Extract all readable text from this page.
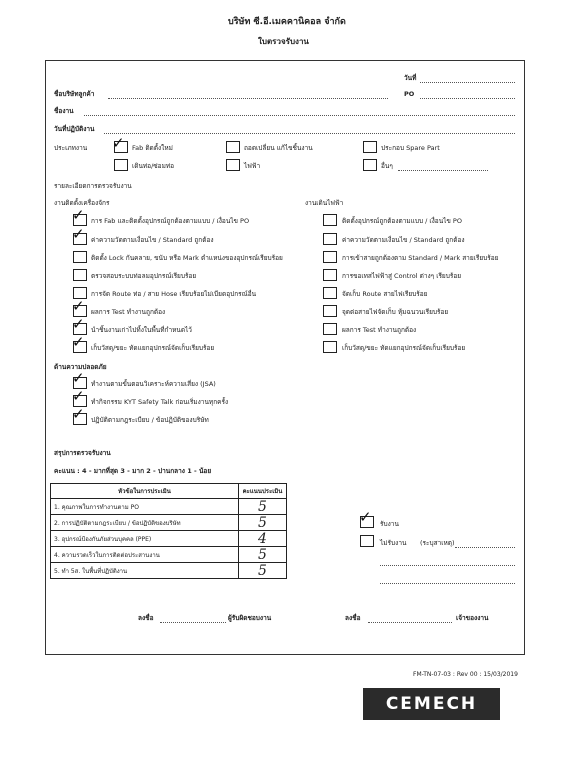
บริษัท ซี.อี.เมคคานิคอล จำกัด
ใบตรวจรับงาน
วันที่
ชื่อบริษัทลูกค้า	PO
ชื่องาน
วันที่ปฏิบัติงาน
ประเภทงาน ✓ Fab ติดตั้งใหม่	ถอดเปลี่ยน แก้ไขชิ้นงาน	ประกอบ Spare Part
เดินท่อ/ซ่อมท่อ	ไฟฟ้า	อื่นๆ
รายละเอียดการตรวจรับงาน
งานติดตั้งเครื่องจักร
✓ การ Fab และติดตั้งอุปกรณ์ถูกต้องตามแบบ / เงื่อนไข PO
✓ ค่าความวัดตามเงื่อนไข / Standard ถูกต้อง
ติดตั้ง Lock กันคลาย, ขนับ หรือ Mark ตำแหน่งของอุปกรณ์เรียบร้อย
ตรวจสอบระบบท่อลมอุปกรณ์เรียบร้อย
การจัด Route ท่อ / สาย Hose เรียบร้อยไม่เบียดอุปกรณ์อื่น
✓ ผลการ Test ทำงานถูกต้อง
✓ นำชิ้นงานเก่าไปทิ้งในพื้นที่กำหนดไว้
✓ เก็บวัสดุ/ขยะ ทัดแยกอุปกรณ์จัดเก็บเรียบร้อย
งานเดินไฟฟ้า
ติดตั้งอุปกรณ์ถูกต้องตามแบบ / เงื่อนไข PO
ค่าความวัดตามเงื่อนไข / Standard ถูกต้อง
การเข้าสายถูกต้องตาม Standard / Mark สายเรียบร้อย
การขอเทสไฟฟ้าสู่ Control ต่างๆ เรียบร้อย
จัดเก็บ Route สายไฟเรียบร้อย
จุดต่อสายไฟจัดเก็บ หุ้มฉนวนเรียบร้อย
ผลการ Test ทำงานถูกต้อง
เก็บวัสดุ/ขยะ ทัดแยกอุปกรณ์จัดเก็บเรียบร้อย
ด้านความปลอดภัย
✓ ทำงานตามขั้นตอนวิเคราะห์ความเสี่ยง (JSA)
✓ ทำกิจกรรม KYT Safety Talk ก่อนเริ่มงานทุกครั้ง
✓ ปฏิบัติตามกฎระเบียบ / ข้อปฏิบัติของบริษัท
สรุปการตรวจรับงาน
คะแนน : 4 - มากที่สุด 3 - มาก 2 - ปานกลาง 1 - น้อย
หัวข้อในการประเมิน	คะแนนประเมิน
1. คุณภาพในการทำงานตาม PO	5
2. การปฏิบัติตามกฎระเบียบ / ข้อปฏิบัติของบริษัท	5
3. อุปกรณ์ป้องกันภัยส่วนบุคคล (PPE)	4
4. ความรวดเร็วในการติดต่อประสานงาน	5
5. ทำ 5ส. ในพื้นที่ปฏิบัติงาน	5
✓ รับงาน
ไม่รับงาน (ระบุสาเหตุ)
ลงชื่อ	ผู้รับผิดชอบงาน	ลงชื่อ	เจ้าของงาน
FM-TN-07-03 : Rev 00 : 15/03/2019
CEMECH
